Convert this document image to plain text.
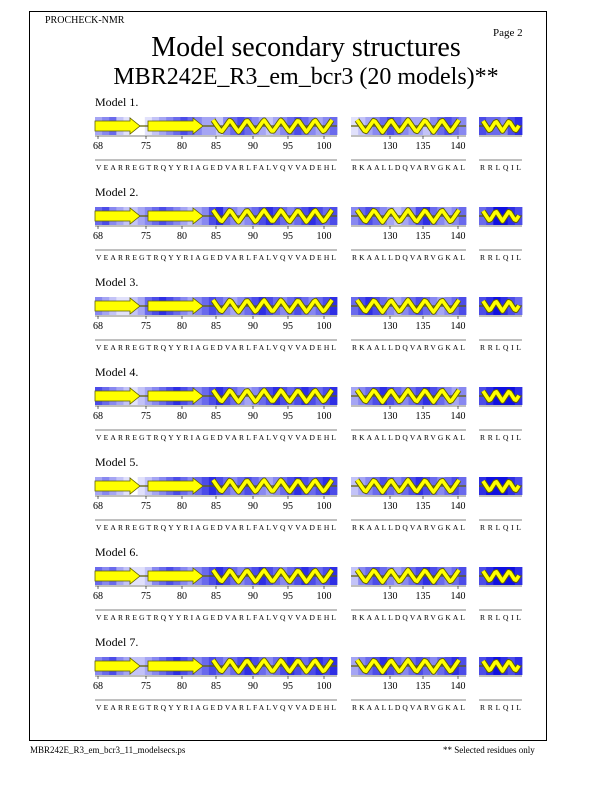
PROCHECK-NMR
Page 2
Model secondary structures
MBR242E_R3_em_bcr3 (20 models)**
Model 1.
68	75	80 85	90	95 100
VEARREGTRQYYRIAGEDVARLFALVQVVADEHL
130 135 140
RKAALLDQVARVGKAL RRLQIL
Model 2.
68	75	80 85	90	95 100
VEARREGTRQYYRIAGEDVARLFALVQVVADEHL
130 135 140
RKAALLDQVARVGKAL RRLQIL
Model 3.
68	75	80 85	90	95 100
VEARREGTRQYYRIAGEDVARLFALVQVVADEHL
130 135 140
RKAALLDQVARVGKAL RRLQIL
Model 4.
68	75	80 85	90	95 100
VEARREGTRQYYRIAGEDVARLFALVQVVADEHL
130 135 140
RKAALLDQVARVGKAL RRLQIL
Model 5.
68	75	80 85	90	95 100
VEARREGTRQYYRIAGEDVARLFALVQVVADEHL
130 135 140
RKAALLDQVARVGKAL RRLQIL
Model 6.
68	75	80 85	90	95 100
VEARREGTRQYYRIAGEDVARLFALVQVVADEHL
130 135 140
RKAALLDQVARVGKAL RRLQIL
Model 7.
68	75	80 85	90	95 100
VEARREGTRQYYRIAGEDVARLFALVQVVADEHL
130 135 140
RKAALLDQVARVGKAL RRLQIL
MBR242E_R3_em_bcr3_11_modelsecs.ps	** Selected residues only
